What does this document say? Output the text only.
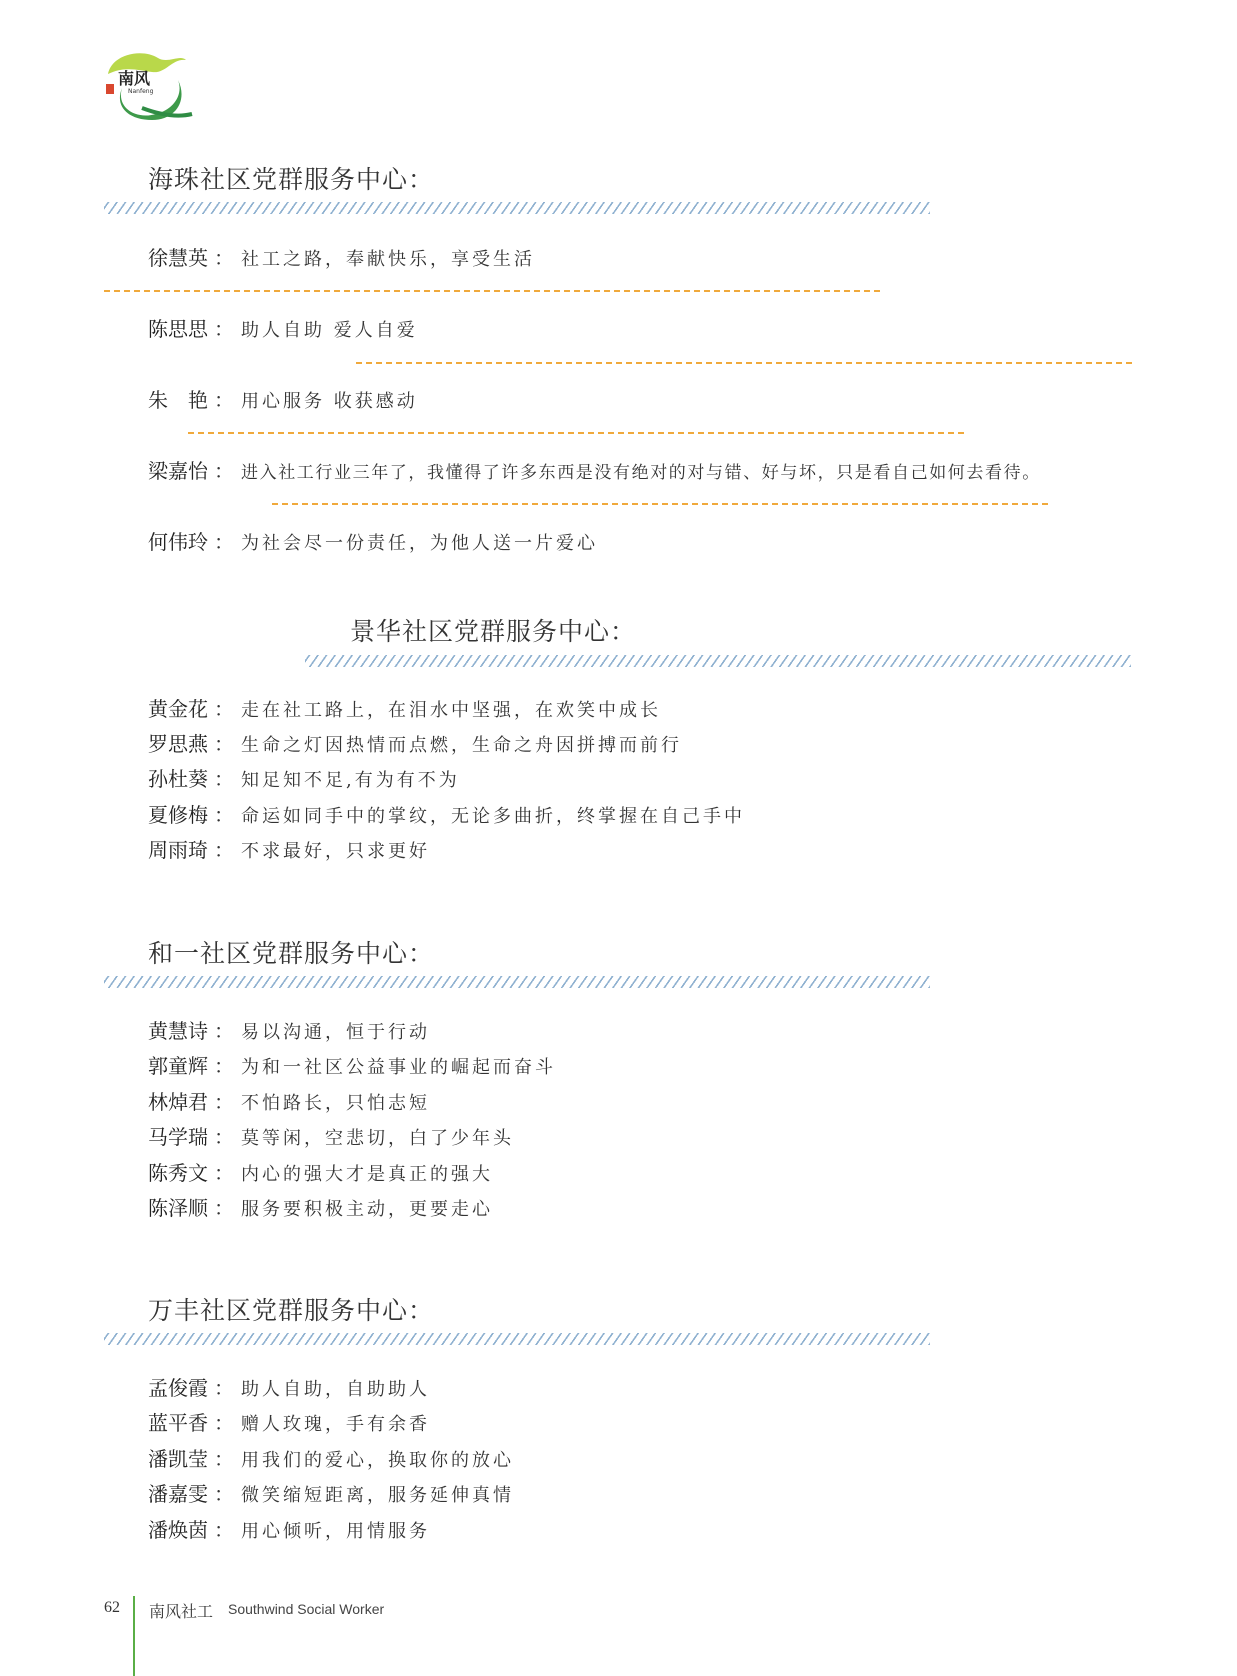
南风
Nanfeng
海珠社区党群服务中心：
徐慧英 ： 社工之路，奉献快乐，享受生活
陈思思 ： 助人自助 爱人自爱
朱　艳 ： 用心服务 收获感动
梁嘉怡 ： 进入社工行业三年了，我懂得了许多东西是没有绝对的对与错、好与坏，只是看自己如何去看待。
何伟玲 ： 为社会尽一份责任，为他人送一片爱心
景华社区党群服务中心：
黄金花 ： 走在社工路上，在泪水中坚强，在欢笑中成长
罗思燕 ： 生命之灯因热情而点燃，生命之舟因拼搏而前行
孙杜葵 ： 知足知不足,有为有不为
夏修梅 ： 命运如同手中的掌纹，无论多曲折，终掌握在自己手中
周雨琦 ： 不求最好，只求更好
和一社区党群服务中心：
黄慧诗 ： 易以沟通，恒于行动
郭童辉 ： 为和一社区公益事业的崛起而奋斗
林焯君 ： 不怕路长，只怕志短
马学瑞 ： 莫等闲，空悲切，白了少年头
陈秀文 ： 内心的强大才是真正的强大
陈泽顺 ： 服务要积极主动，更要走心
万丰社区党群服务中心：
孟俊霞 ： 助人自助，自助助人
蓝平香 ： 赠人玫瑰，手有余香
潘凯莹 ： 用我们的爱心，换取你的放心
潘嘉雯 ： 微笑缩短距离，服务延伸真情
潘焕茵 ： 用心倾听，用情服务
62 南风社工 Southwind Social Worker
